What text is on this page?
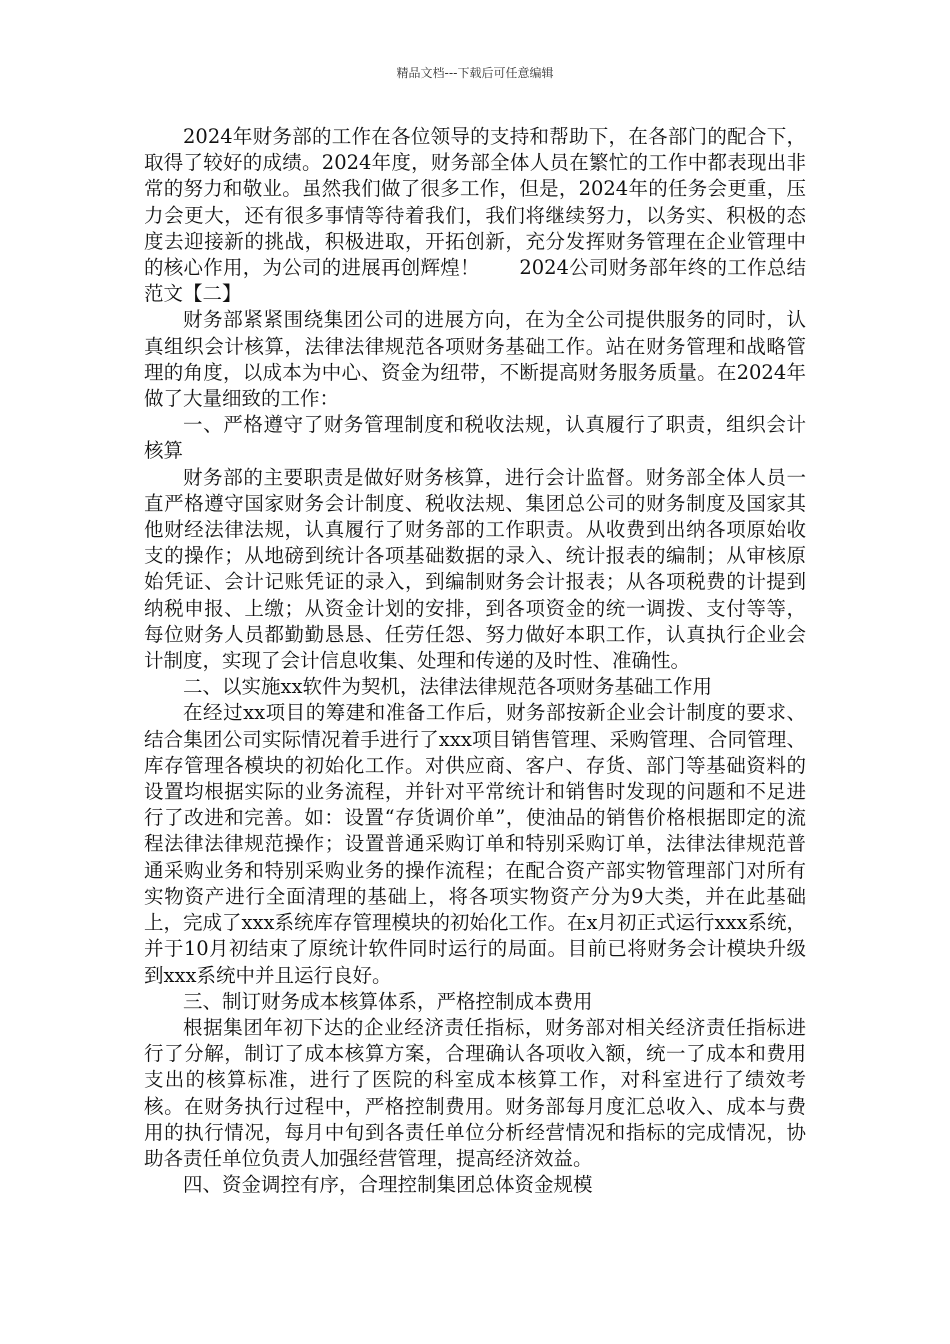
精品文档---下载后可任意编辑

2024年财务部的工作在各位领导的支持和帮助下，在各部门的配合下，取得了较好的成绩。2024年度，财务部全体人员在繁忙的工作中都表现出非常的努力和敬业。虽然我们做了很多工作，但是，2024年的任务会更重，压力会更大，还有很多事情等待着我们，我们将继续努力，以务实、积极的态度去迎接新的挑战，积极进取，开拓创新，充分发挥财务管理在企业管理中的核心作用，为公司的进展再创辉煌！　　2024公司财务部年终的工作总结范文【二】

财务部紧紧围绕集团公司的进展方向，在为全公司提供服务的同时，认真组织会计核算，法律法律规范各项财务基础工作。站在财务管理和战略管理的角度，以成本为中心、资金为纽带，不断提高财务服务质量。在2024年做了大量细致的工作：

一、严格遵守了财务管理制度和税收法规，认真履行了职责，组织会计核算

财务部的主要职责是做好财务核算，进行会计监督。财务部全体人员一直严格遵守国家财务会计制度、税收法规、集团总公司的财务制度及国家其他财经法律法规，认真履行了财务部的工作职责。从收费到出纳各项原始收支的操作；从地磅到统计各项基础数据的录入、统计报表的编制；从审核原始凭证、会计记账凭证的录入，到编制财务会计报表；从各项税费的计提到纳税申报、上缴；从资金计划的安排，到各项资金的统一调拨、支付等等，每位财务人员都勤勤恳恳、任劳任怨、努力做好本职工作，认真执行企业会计制度，实现了会计信息收集、处理和传递的及时性、准确性。

二、以实施xx软件为契机，法律法律规范各项财务基础工作用

在经过xx项目的筹建和准备工作后，财务部按新企业会计制度的要求、结合集团公司实际情况着手进行了xxx项目销售管理、采购管理、合同管理、库存管理各模块的初始化工作。对供应商、客户、存货、部门等基础资料的设置均根据实际的业务流程，并针对平常统计和销售时发现的问题和不足进行了改进和完善。如：设置“存货调价单”，使油品的销售价格根据即定的流程法律法律规范操作；设置普通采购订单和特别采购订单，法律法律规范普通采购业务和特别采购业务的操作流程；在配合资产部实物管理部门对所有实物资产进行全面清理的基础上，将各项实物资产分为9大类，并在此基础上，完成了xxx系统库存管理模块的初始化工作。在x月初正式运行xxx系统，并于10月初结束了原统计软件同时运行的局面。目前已将财务会计模块升级到xxx系统中并且运行良好。

三、制订财务成本核算体系，严格控制成本费用

根据集团年初下达的企业经济责任指标，财务部对相关经济责任指标进行了分解，制订了成本核算方案，合理确认各项收入额，统一了成本和费用支出的核算标准，进行了医院的科室成本核算工作，对科室进行了绩效考核。在财务执行过程中，严格控制费用。财务部每月度汇总收入、成本与费用的执行情况，每月中旬到各责任单位分析经营情况和指标的完成情况，协助各责任单位负责人加强经营管理，提高经济效益。

四、资金调控有序，合理控制集团总体资金规模
